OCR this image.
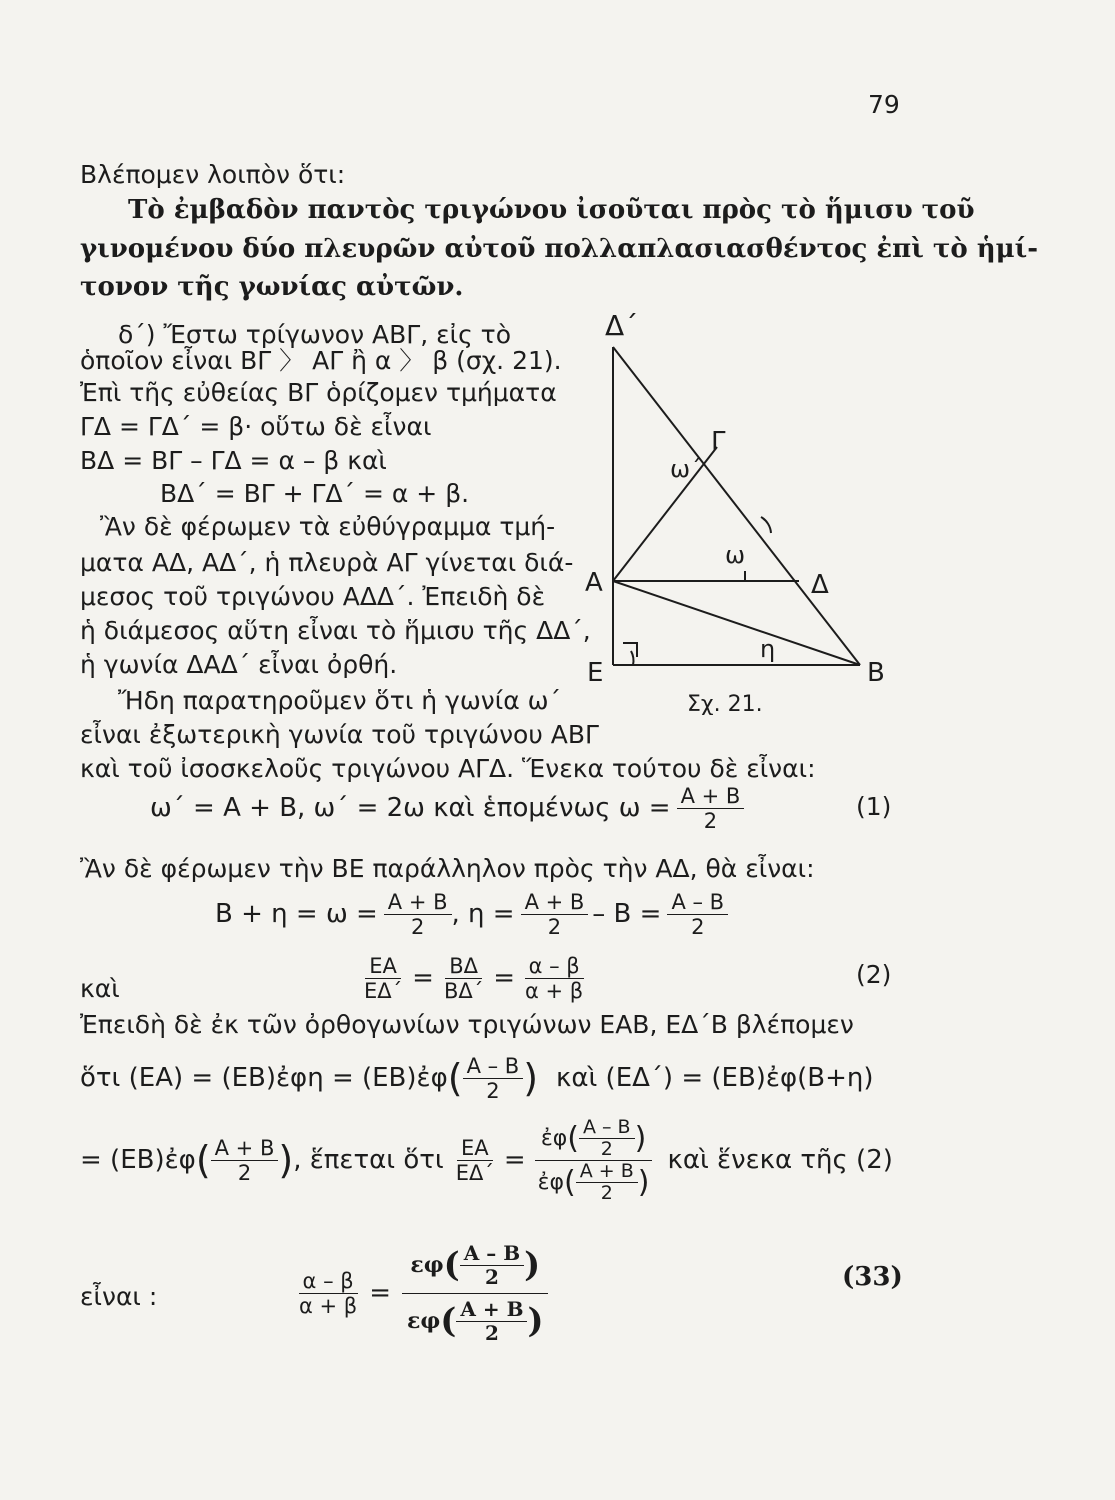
79
Βλέπομεν λοιπὸν ὅτι:
Τὸ ἐμβαδὸν παντὸς τριγώνου ἰσοῦται πρὸς τὸ ἥμισυ τοῦ
γινομένου δύο πλευρῶν αὐτοῦ πολλαπλασιασθέντος ἐπὶ τὸ ἡμί-
τονον τῆς γωνίας αὐτῶν.
δ΄) Ἔστω τρίγωνον ΑΒΓ, εἰς τὸ
ὁποῖον εἶναι ΒΓ 〉 ΑΓ ἢ α 〉 β (σχ. 21).
Ἐπὶ τῆς εὐθείας ΒΓ ὁρίζομεν τμήματα
ΓΔ = ΓΔ΄ = β· οὕτω δὲ εἶναι
ΒΔ = ΒΓ – ΓΔ = α – β καὶ
ΒΔ΄ = ΒΓ + ΓΔ΄ = α + β.
Ἂν δὲ φέρωμεν τὰ εὐθύγραμμα τμή-
ματα ΑΔ, ΑΔ΄, ἡ πλευρὰ ΑΓ γίνεται διά-
μεσος τοῦ τριγώνου ΑΔΔ΄. Ἐπειδὴ δὲ
ἡ διάμεσος αὕτη εἶναι τὸ ἥμισυ τῆς ΔΔ΄,
ἡ γωνία ΔΑΔ΄ εἶναι ὀρθή.
Ἤδη παρατηροῦμεν ὅτι ἡ γωνία ω΄
εἶναι ἐξωτερικὴ γωνία τοῦ τριγώνου ΑΒΓ
καὶ τοῦ ἰσοσκελοῦς τριγώνου ΑΓΔ. Ἕνεκα τούτου δὲ εἶναι:
Δ΄
Γ
ω΄
ω
Α	Δ
Ε	Β
η
Σχ. 21.
ω΄ = Α + Β, ω΄ = 2ω καὶ ἑπομένως $\omega = \frac{A + B}{2}$	(1)
Ἂν δὲ φέρωμεν τὴν ΒΕ παράλληλον πρὸς τὴν ΑΔ, θὰ εἶναι:
$B + \eta = \omega = \frac{A + B}{2}$ , $\eta = \frac{A + B}{2} - B = \frac{A - B}{2}$
καὶ	$\frac{EA}{E\Delta΄} = \frac{B\Delta}{B\Delta΄} = \frac{\alpha - \beta}{\alpha + \beta}$	(2)
Ἐπειδὴ δὲ ἐκ τῶν ὀρθογωνίων τριγώνων ΕΑΒ, ΕΔ΄Β βλέπομεν
ὅτι (ΕΑ) = (ΕΒ)ἐφη = (ΕΒ)ἐφ ( $\frac{A - B}{2}$ ) καὶ (ΕΔ΄) = (ΕΒ)ἐφ(Β+η)
= (ΕΒ)ἐφ ( $\frac{A + B}{2}$ ) , ἕπεται ὅτι $\frac{EA}{E\Delta΄} = \frac{ἐ\varphi ( \frac{A - B}{2} )}{ἐ\varphi ( \frac{A + B}{2} )}$ καὶ ἕνεκα τῆς (2)
εἶναι :	$\frac{\alpha - \beta}{\alpha + \beta} = \frac{\varepsilon\varphi ( \frac{A - B}{2} )}{\varepsilon\varphi ( \frac{A + B}{2} )}$	(33)
